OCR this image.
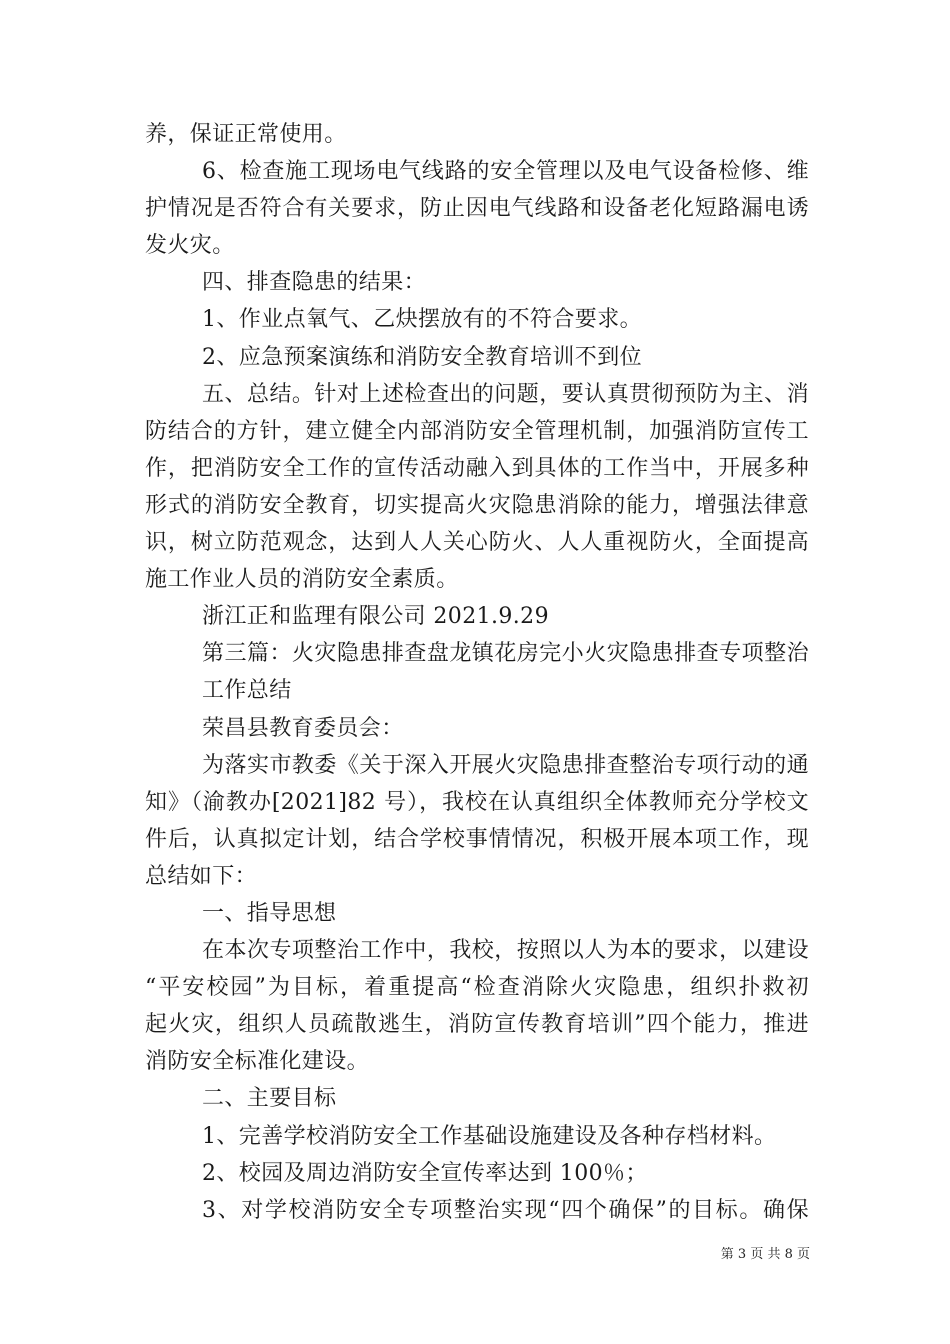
养，保证正常使用。
6、检查施工现场电气线路的安全管理以及电气设备检修、维
护情况是否符合有关要求，防止因电气线路和设备老化短路漏电诱
发火灾。
四、排查隐患的结果：
1、作业点氧气、乙炔摆放有的不符合要求。
2、应急预案演练和消防安全教育培训不到位
五、总结。针对上述检查出的问题，要认真贯彻预防为主、消
防结合的方针，建立健全内部消防安全管理机制，加强消防宣传工
作，把消防安全工作的宣传活动融入到具体的工作当中，开展多种
形式的消防安全教育，切实提高火灾隐患消除的能力，增强法律意
识，树立防范观念，达到人人关心防火、人人重视防火，全面提高
施工作业人员的消防安全素质。
浙江正和监理有限公司 2021.9.29
第三篇：火灾隐患排查盘龙镇花房完小火灾隐患排查专项整治
工作总结
荣昌县教育委员会：
为落实市教委《关于深入开展火灾隐患排查整治专项行动的通
知》（渝教办[2021]82 号），我校在认真组织全体教师充分学校文
件后，认真拟定计划，结合学校事情情况，积极开展本项工作，现
总结如下：
一、指导思想
在本次专项整治工作中，我校，按照以人为本的要求，以建设
“平安校园”为目标，着重提高“检查消除火灾隐患，组织扑救初
起火灾，组织人员疏散逃生，消防宣传教育培训”四个能力，推进
消防安全标准化建设。
二、主要目标
1、完善学校消防安全工作基础设施建设及各种存档材料。
2、校园及周边消防安全宣传率达到 100％；
3、对学校消防安全专项整治实现“四个确保”的目标。确保
第 3 页 共 8 页
